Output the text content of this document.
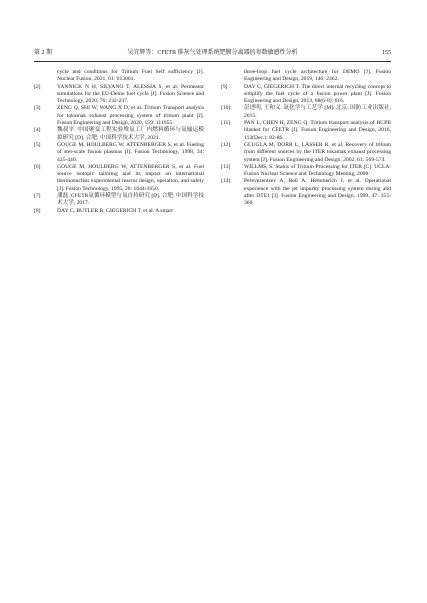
第 2 期	吴宜辉等：CFETR 排灰气处理系统钯膜分离器的参数敏感性分析	155

cycle and conditions for Tritium Fuel Self sufficiency [J]. Nuclear Fusion, 2021, 61: 013001.

[2]	YANNICK N H, SILVANO T, ALESSIA S, et al. Permeator simulations for the EU-Demo fuel cycle [J]. Fusion Science and Technology, 2020, 76: 232-237.

[3]	ZENG Q, SHI W, WANG X D, et al. Tritium Transport analysis for tokamak exhaust processing system of tritium plant [J]. Fusion Engineering and Design, 2020, 159: 111955.

[4]	魏叔平. 中国聚变工程实验堆氚工厂内燃料循环与氚输运模拟研究 [D]. 合肥: 中国科学技术大学, 2021.

[5]	GOUGE M, HOULBERG W, ATTENBERGER S, et al. Fueling of ster-scale fusion plasmas [J]. Fusion Technology, 1998, 34: 435-440.

[6]	GOUGE M, HOULBERG W, ATTENBERGER S, et al. Fuel source isotopic tailoring and its impact on international thermonuclear experimental reactor design, operation, and safety [J]. Fusion Technology, 1995, 28: 1644-1650.

[7]	潘磊. CFETR氚循环模型与氚自持研究 [D]. 合肥: 中国科学技术大学, 2017.

[8]	DAY C, BUTLER B, GIEGERICH T, et al. A smart

three-loop fuel cycle architecture for DEMO [J]. Fusion Engineering and Design, 2019, 146: 2462.

[9]	DAY C, GIEGERICH T. The direct internal recycling concept to simplify the fuel cycle of a fusion power plant [J]. Fusion Engineering and Design, 2013, 88(6-8): 616.

[10] 彭述明, 王和义. 氚化学与工艺学 [M]. 北京: 国防工业出版社, 2015.

[11] PAN L, CHEN H, ZENG Q. Tritium transport analysis of HCPB blanket for CFETR [J]. Fusion Engineering and Design, 2016, 113(Dec.): 82-86.

[12] GLUGLA M, DORR L, LÄSSER R, et al. Recovery of tritium from different sources by the ITER tokamak exhaust processing system [J]. Fusion Engineering and Design, 2002, 61: 569-574.

[13] WILLMS, S. Status of Tritium Processing for ITER [C]. UCLA: Fusion Nuclear Science and Technology Meeting, 2008.

[14] Perevezentsev A, Bell A, Hemmerich J, et al. Operational experience with the jet impurity processing system during and after DTE1 [J]. Fusion Engineering and Design, 1999, 47: 355-360.
